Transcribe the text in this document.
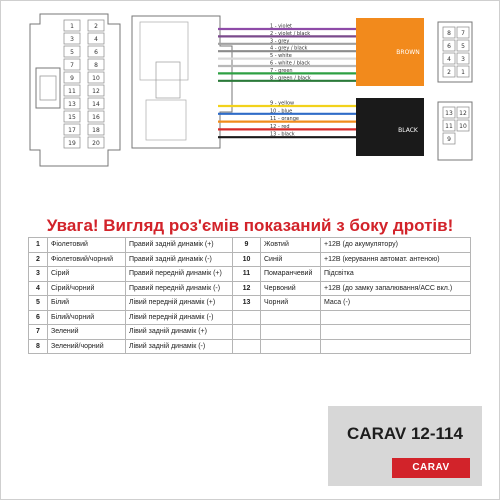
1	2
3	4
5	6
7	8
9	10
11	12
13	14
15	16
17	18
19	20
1 - violet
2 - violet / black
3 - grey
4 - grey / black
5 - white
6 - white / black
7 - green
8 - green / black
9 - yellow
10 - blue
11 - orange
12 - red
13 - black
BROWN
BLACK
8 7
6 5
4 3
2 1
13 12
11 10
9
Увага! Вигляд роз'ємів показаний з боку дротів!
1	Фіолетовий	Правий задній динамік (+)	9	Жовтий	+12В (до акумулятору)
2	Фіолетовий/чорний	Правий задній динамік (-)	10	Синій	+12В (керування автомат. антеною)
3	Сірий	Правий передній динамік (+)	11	Помаранчевий	Підсвітка
4	Сірий/чорний	Правий передній динамік (-)	12	Червоний	+12В (до замку запалювання/АСС вкл.)
5	Білий	Лівий передній динамік (+)	13	Чорний	Маса (-)
6	Білий/чорний	Лівий передній динамік (-)			
7	Зелений	Лівий задній динамік (+)			
8	Зелений/чорний	Лівий задній динамік (-)			
CARAV 12-114
CARAV
